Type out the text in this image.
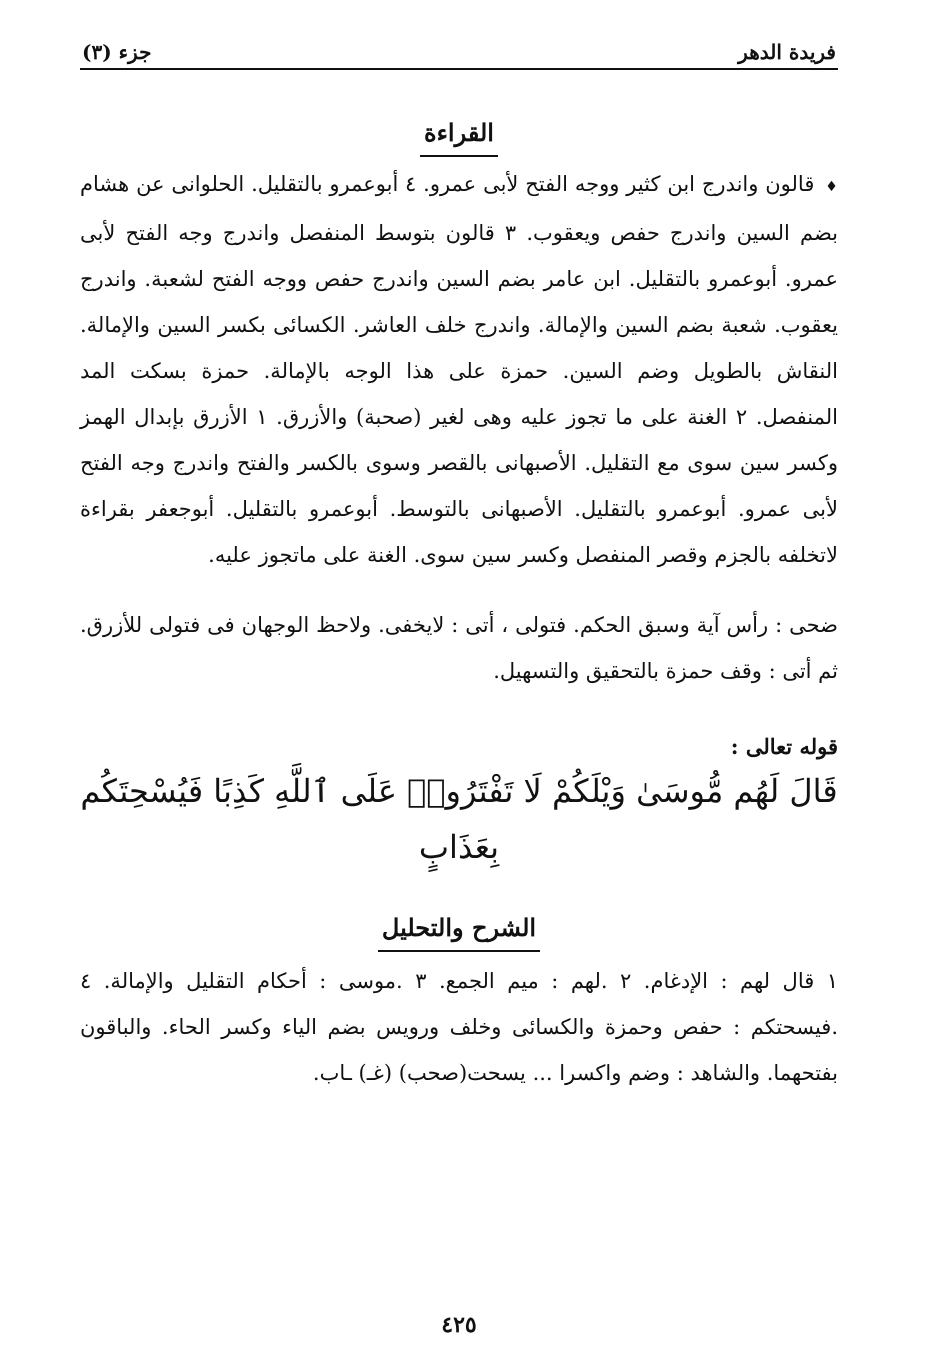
فريدة الدهر
جزء (٣)
القراءة

♦ قالون واندرج ابن كثير ووجه الفتح لأبى عمرو. ٤ أبوعمرو بالتقليل. الحلوانى عن هشام بضم السين واندرج حفص ويعقوب. ٣ قالون بتوسط المنفصل واندرج وجه الفتح لأبى عمرو. أبوعمرو بالتقليل. ابن عامر بضم السين واندرج حفص ووجه الفتح لشعبة. واندرج يعقوب. شعبة بضم السين والإمالة. واندرج خلف العاشر. الكسائى بكسر السين والإمالة. النقاش بالطويل وضم السين. حمزة على هذا الوجه بالإمالة. حمزة بسكت المد المنفصل. ٢ الغنة على ما تجوز عليه وهى لغير (صحبة) والأزرق. ١ الأزرق بإبدال الهمز وكسر سين سوى مع التقليل. الأصبهانى بالقصر وسوى بالكسر والفتح واندرج وجه الفتح لأبى عمرو. أبوعمرو بالتقليل. الأصبهانى بالتوسط. أبوعمرو بالتقليل. أبوجعفر بقراءة لاتخلفه بالجزم وقصر المنفصل وكسر سين سوى. الغنة على ماتجوز عليه.

ضحى : رأس آية وسبق الحكم. فتولى ، أتى : لايخفى. ولاحظ الوجهان فى فتولى للأزرق. ثم أتى : وقف حمزة بالتحقيق والتسهيل.
قوله تعالى :
قَالَ لَهُم مُّوسَىٰ وَيْلَكُمْ لَا تَفْتَرُوا۟ عَلَى ٱللَّهِ كَذِبًا فَيُسْحِتَكُم بِعَذَابٍ
الشرح والتحليل
١ قال لهم : الإدغام. ٢ .لهم : ميم الجمع. ٣ .موسى : أحكام التقليل والإمالة. ٤ .فيسحتكم : حفص وحمزة والكسائى وخلف ورويس بضم الياء وكسر الحاء. والباقون بفتحهما. والشاهد : وضم واكسرا ... يسحت(صحب) (غـ) ـاب.
٤٢٥
